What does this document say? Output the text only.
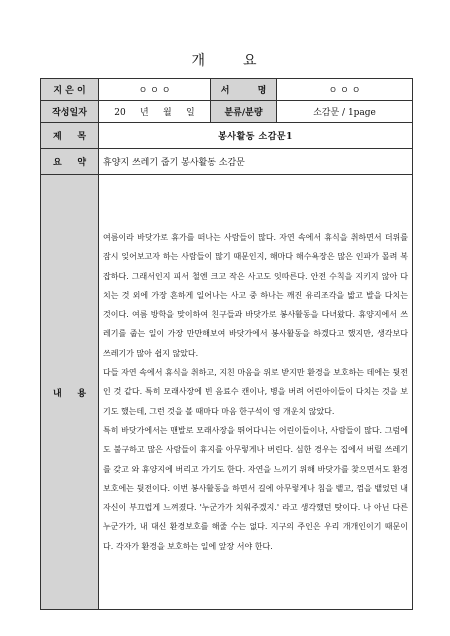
개	요
지 은 이	ㅇ ㅇ ㅇ	서         명	ㅇ ㅇ ㅇ
작성일자	20     년     월     일	분류/분량	소감문 / 1page
제     목	봉사활동 소감문1		
요     약	휴양지 쓰레기 줍기 봉사활동 소감문		
내     용	여름이라 바닷가로 휴가를 떠나는 사람들이 많다. 자연 속에서 휴식을 취하면서 더위를 잠시 잊어보고자 하는 사람들이 많기 때문인지, 해마다 해수욕장은 많은 인파가 몰려 복잡하다. 그래서인지 피서 철엔 크고 작은 사고도 잇따른다. 안전 수칙을 지키지 않아 다치는 것 외에 가장 흔하게 일어나는 사고 중 하나는 깨진 유리조각을 밟고 발을 다치는 것이다. 여름 방학을 맞이하여 친구들과 바닷가로 봉사활동을 다녀왔다. 휴양지에서 쓰레기를 줍는 일이 가장 만만해보여 바닷가에서 봉사활동을 하겠다고 했지만, 생각보다 쓰레기가 많아 쉽지 않았다.

다들 자연 속에서 휴식을 취하고, 지친 마음을 위로 받지만 환경을 보호하는 데에는 뒷전인 것 같다. 특히 모래사장에 빈 음료수 캔이나, 병을 버려 어린아이들이 다치는 것을 보기도 했는데, 그런 것을 볼 때마다 마음 한구석이 영 개운치 않았다.

특히 바닷가에서는 맨발로 모래사장을 뛰어다니는 어린이들이나, 사람들이 많다. 그럼에도 불구하고 많은 사람들이 휴지를 아무렇게나 버린다. 심한 경우는 집에서 버릴 쓰레기를 갖고 와 휴양지에 버리고 가기도 한다. 자연을 느끼기 위해 바닷가를 찾으면서도 환경보호에는 뒷전이다. 이번 봉사활동을 하면서 길에 아무렇게나 침을 뱉고, 껌을 뱉었던 내 자신이 부끄럽게 느껴졌다. '누군가가 치워주겠지.' 라고 생각했던 탓이다. 나 아닌 다른 누군가가, 내 대신 환경보호를 해줄 수는 없다. 지구의 주인은 우리 개개인이기 때문이다. 각자가 환경을 보호하는 일에 앞장 서야 한다.		
